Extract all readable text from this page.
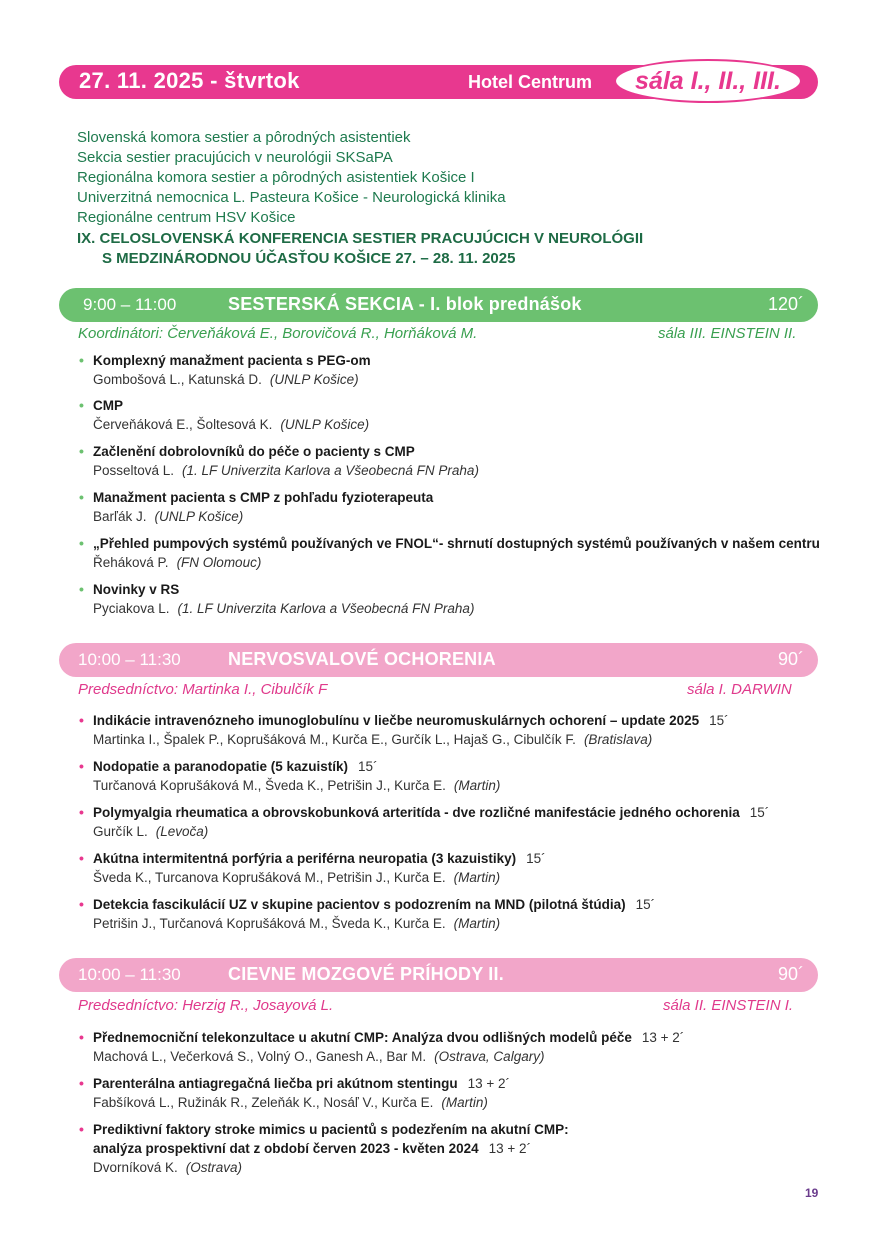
27. 11. 2025 - štvrtok	Hotel Centrum	sála I., II., III.
Slovenská komora sestier a pôrodných asistentiek
Sekcia sestier pracujúcich v neurológii SKSaPA
Regionálna komora sestier a pôrodných asistentiek Košice I
Univerzitná nemocnica L. Pasteura Košice - Neurologická klinika
Regionálne centrum HSV Košice
IX. CELOSLOVENSKÁ KONFERENCIA SESTIER PRACUJÚCICH V NEUROLÓGII
S MEDZINÁRODNOU ÚČASŤOU KOŠICE 27. – 28. 11. 2025
9:00 – 11:00	SESTERSKÁ SEKCIA - I. blok prednášok	120´
Koordinátori: Červeňáková E., Borovičová R., Horňáková M.	sála III. EINSTEIN II.
• Komplexný manažment pacienta s PEG-om
Gombošová L., Katunská D. (UNLP Košice)
• CMP
Červeňáková E., Šoltesová K. (UNLP Košice)
• Začlenění dobrolovníků do péče o pacienty s CMP
Posseltová L. (1. LF Univerzita Karlova a Všeobecná FN Praha)
• Manažment pacienta s CMP z pohľadu fyzioterapeuta
Barľák J. (UNLP Košice)
• „Přehled pumpových systémů používaných ve FNOL“- shrnutí dostupných systémů používaných v našem centru
Řeháková P. (FN Olomouc)
• Novinky v RS
Pyciakova L. (1. LF Univerzita Karlova a Všeobecná FN Praha)
10:00 – 11:30	NERVOSVALOVÉ OCHORENIA	90´
Predsedníctvo: Martinka I., Cibulčík F	sála I. DARWIN
• Indikácie intravenózneho imunoglobulínu v liečbe neuromuskulárnych ochorení – update 2025 15´
Martinka I., Špalek P., Koprušáková M., Kurča E., Gurčík L., Hajaš G., Cibulčík F. (Bratislava)
• Nodopatie a paranodopatie (5 kazuistík) 15´
Turčanová Koprušáková M., Šveda K., Petrišin J., Kurča E. (Martin)
• Polymyalgia rheumatica a obrovskobunková arteritída - dve rozličné manifestácie jedného ochorenia 15´
Gurčík L. (Levoča)
• Akútna intermitentná porfýria a periférna neuropatia (3 kazuistiky) 15´
Šveda K., Turcanova Koprušáková M., Petrišin J., Kurča E. (Martin)
• Detekcia fascikulácií UZ v skupine pacientov s podozrením na MND (pilotná štúdia) 15´
Petrišin J., Turčanová Koprušáková M., Šveda K., Kurča E. (Martin)
10:00 – 11:30	CIEVNE MOZGOVÉ PRÍHODY II.	90´
Predsedníctvo: Herzig R., Josayová L.	sála II. EINSTEIN I.
• Přednemocniční telekonzultace u akutní CMP: Analýza dvou odlišných modelů péče 13 + 2´
Machová L., Večerková S., Volný O., Ganesh A., Bar M. (Ostrava, Calgary)
• Parenterálna antiagregačná liečba pri akútnom stentingu 13 + 2´
Fabšíková L., Ružinák R., Zeleňák K., Nosáľ V., Kurča E. (Martin)
• Prediktivní faktory stroke mimics u pacientů s podezřením na akutní CMP:
analýza prospektivní dat z období červen 2023 - květen 2024 13 + 2´
Dvorníková K. (Ostrava)
19
